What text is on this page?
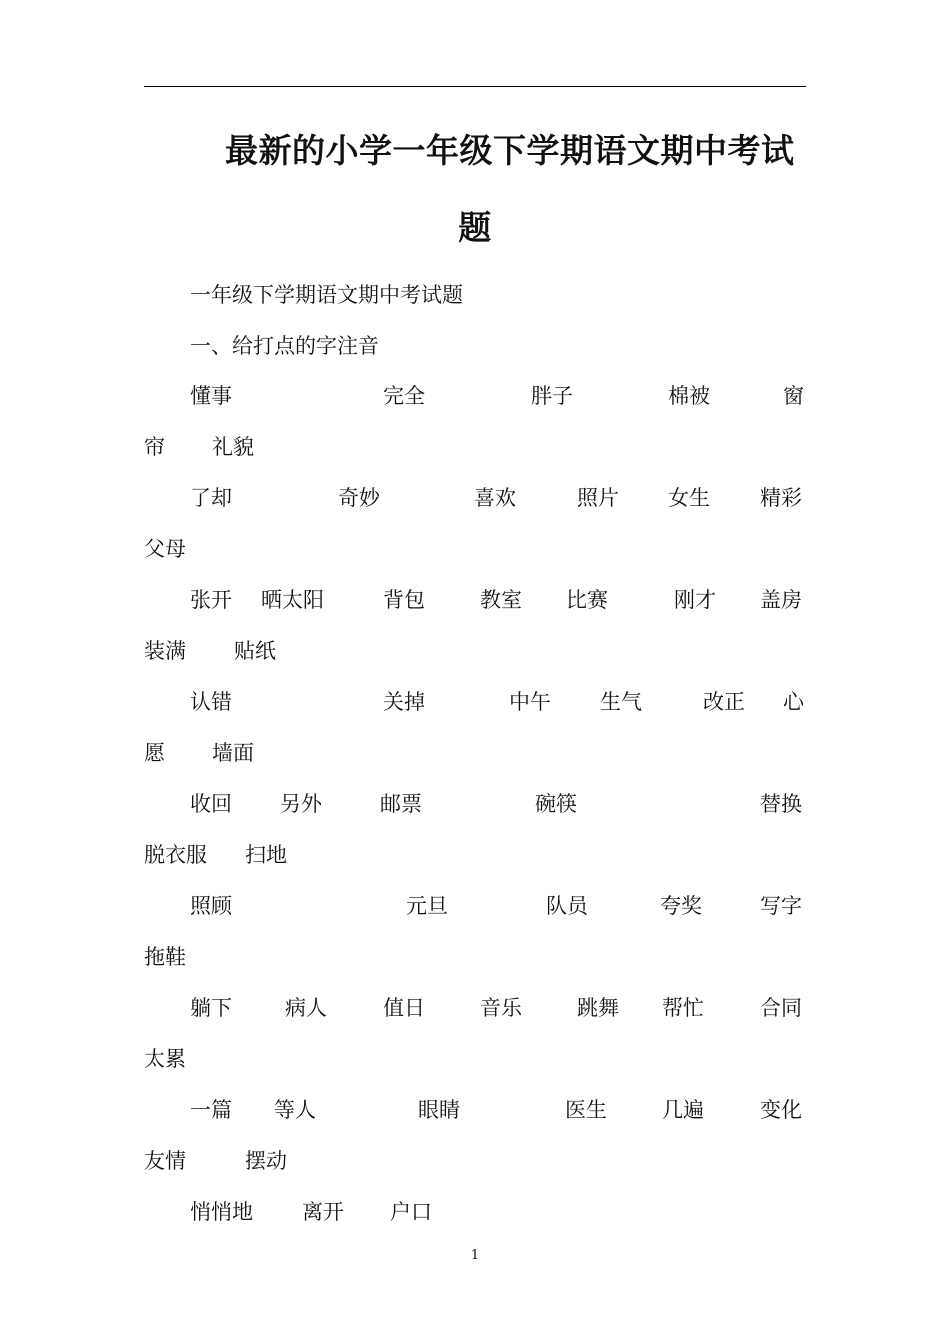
最新的小学一年级下学期语文期中考试
题
一年级下学期语文期中考试题
一、给打点的字注音
懂事	完全	胖子	棉被	窗
帘 礼貌
了却	奇妙	喜欢	照片 女生 精彩
父母
张开 晒太阳	背包	教室 比赛	刚才 盖房
装满 贴纸
认错	关掉	中午 生气	改正 心
愿 墙面
收回 另外	邮票	碗筷	替换
脱衣服 扫地
照顾	元旦	队员	夸奖	写字
拖鞋
躺下	病人	值日	音乐	跳舞 帮忙	合同
太累
一篇 等人	眼睛	医生	几遍	变化
友情	摆动
悄悄地 离开 户口
1
